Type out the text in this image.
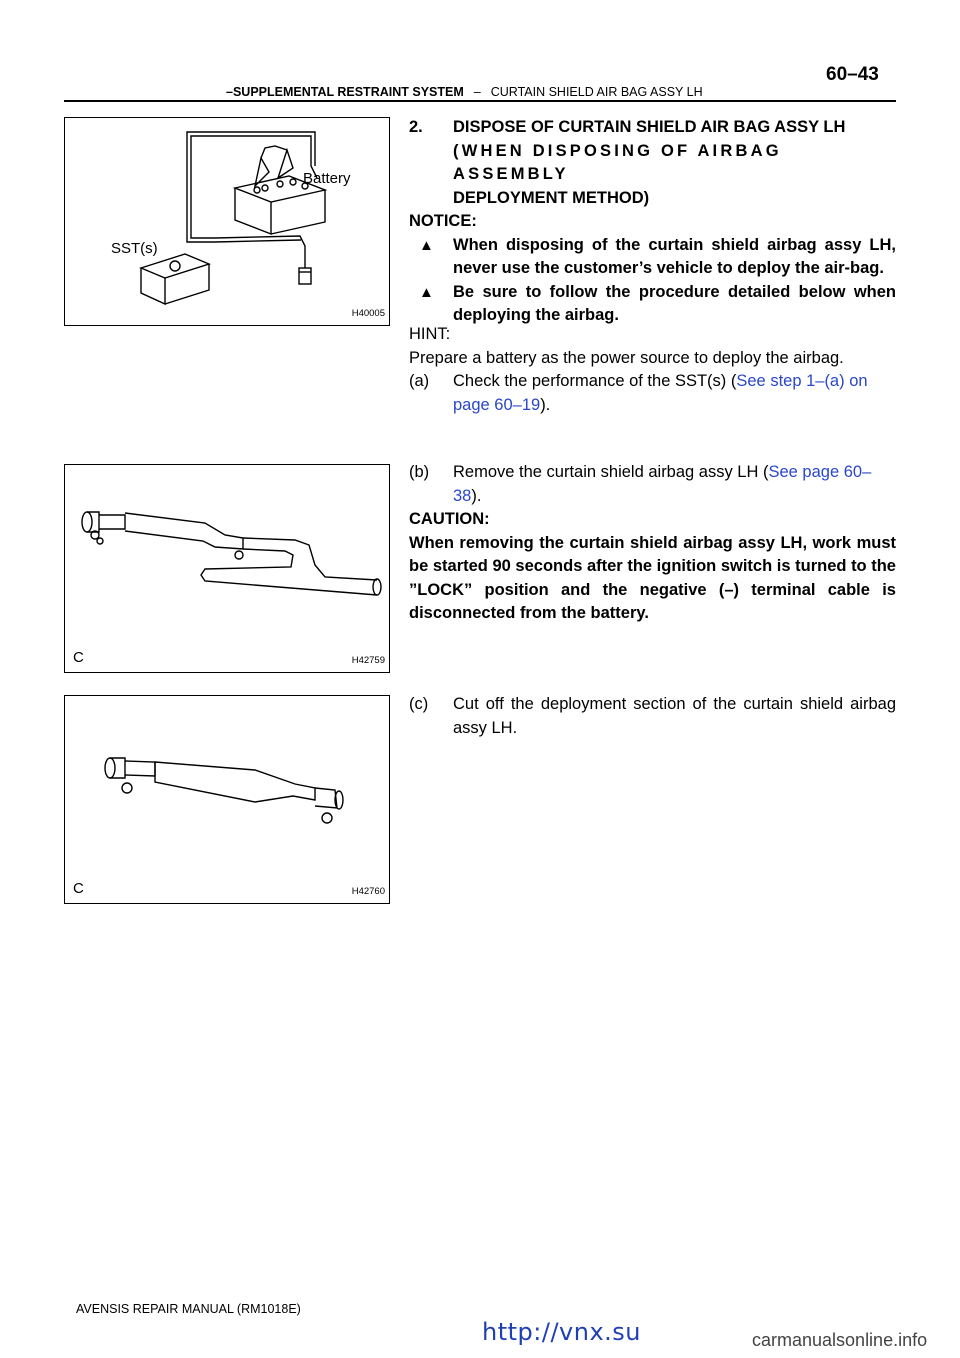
60–43
–SUPPLEMENTAL RESTRAINT SYSTEM – CURTAIN SHIELD AIR BAG ASSY LH
Battery
SST(s)
H40005
C	H42759
C	H42760
2. DISPOSE OF CURTAIN SHIELD AIR BAG ASSY LH
(WHEN DISPOSING OF AIRBAG ASSEMBLY
DEPLOYMENT METHOD)
NOTICE:
▲ When disposing of the curtain shield airbag assy LH, never use the customer’s vehicle to deploy the air-bag.
▲ Be sure to follow the procedure detailed below when deploying the airbag.
HINT:
Prepare a battery as the power source to deploy the airbag.
(a) Check the performance of the SST(s) (See step 1–(a) on page 60–19).
(b) Remove the curtain shield airbag assy LH (See page 60–38).
CAUTION:
When removing the curtain shield airbag assy LH, work must be started 90 seconds after the ignition switch is turned to the ”LOCK” position and the negative (–) terminal cable is disconnected from the battery.
(c) Cut off the deployment section of the curtain shield airbag assy LH.
AVENSIS REPAIR MANUAL (RM1018E)
http://vnx.su	carmanualsonline.info
